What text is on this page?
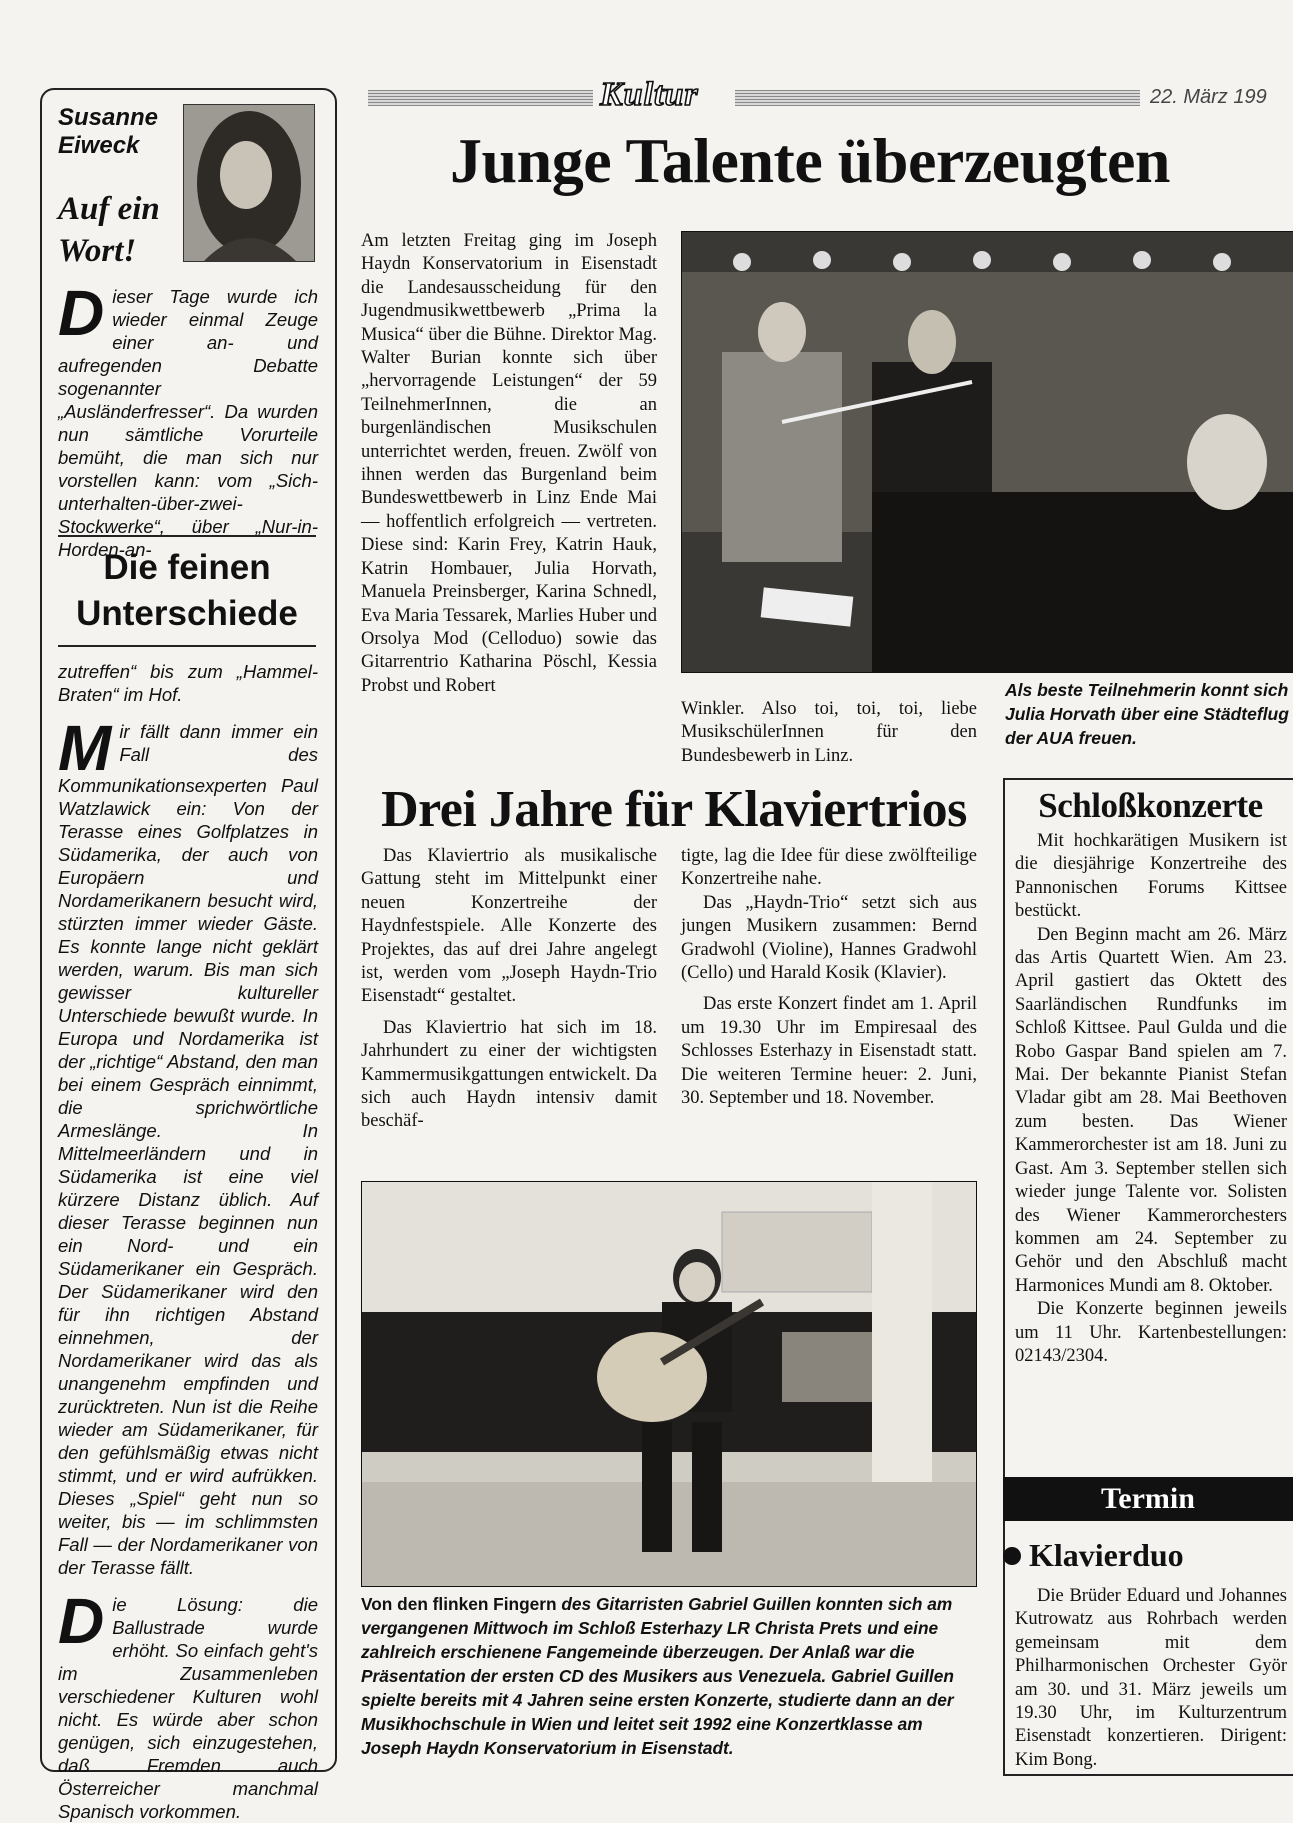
Susanne Eiweck
Auf ein Wort!
D ieser Tage wurde ich wieder einmal Zeuge einer an- und aufregenden Debatte sogenannter „Ausländerfresser“. Da wurden nun sämtliche Vorurteile bemüht, die man sich nur vorstellen kann: vom „Sich-unterhalten-über-zwei-Stockwerke“, über „Nur-in-Horden-an-
Die feinen Unterschiede

zutreffen“ bis zum „Hammel-Braten“ im Hof.

M ir fällt dann immer ein Fall des Kommunikationsexperten Paul Watzlawick ein: Von der Terasse eines Golfplatzes in Südamerika, der auch von Europäern und Nordamerikanern besucht wird, stürzten immer wieder Gäste. Es konnte lange nicht geklärt werden, warum. Bis man sich gewisser kultureller Unterschiede bewußt wurde. In Europa und Nordamerika ist der „richtige“ Abstand, den man bei einem Gespräch einnimmt, die sprichwörtliche Armeslänge. In Mittelmeerländern und in Südamerika ist eine viel kürzere Distanz üblich. Auf dieser Terasse beginnen nun ein Nord- und ein Südamerikaner ein Gespräch. Der Südamerikaner wird den für ihn richtigen Abstand einnehmen, der Nordamerikaner wird das als unangenehm empfinden und zurücktreten. Nun ist die Reihe wieder am Südamerikaner, für den gefühlsmäßig etwas nicht stimmt, und er wird aufrükken. Dieses „Spiel“ geht nun so weiter, bis — im schlimmsten Fall — der Nordamerikaner von der Terasse fällt.

D ie Lösung: die Ballustrade wurde erhöht. So einfach geht's im Zusammenleben verschiedener Kulturen wohl nicht. Es würde aber schon genügen, sich einzugestehen, daß Fremden auch Österreicher manchmal Spanisch vorkommen.

Kultur	22. März 199
Junge Talente überzeugten
Am letzten Freitag ging im Joseph Haydn Konservatorium in Eisenstadt die Landesausscheidung für den Jugendmusikwettbewerb „Prima la Musica“ über die Bühne. Direktor Mag. Walter Burian konnte sich über „hervorragende Leistungen“ der 59 TeilnehmerInnen, die an burgenländischen Musikschulen unterrichtet werden, freuen. Zwölf von ihnen werden das Burgenland beim Bundeswettbewerb in Linz Ende Mai — hoffentlich erfolgreich — vertreten. Diese sind: Karin Frey, Katrin Hauk, Katrin Hombauer, Julia Horvath, Manuela Preinsberger, Karina Schnedl, Eva Maria Tessarek, Marlies Huber und Orsolya Mod (Celloduo) sowie das Gitarrentrio Katharina Pöschl, Kessia Probst und Robert	Als beste Teilnehmerin konnt sich Julia Horvath über eine Städteflug der AUA freuen.
Winkler. Also toi, toi, toi, liebe MusikschülerInnen für den Bundesbewerb in Linz.
Drei Jahre für Klaviertrios

Das Klaviertrio als musikalische Gattung steht im Mittelpunkt einer neuen Konzertreihe der Haydnfestspiele. Alle Konzerte des Projektes, das auf drei Jahre angelegt ist, werden vom „Joseph Haydn-Trio Eisenstadt“ gestaltet.

Das Klaviertrio hat sich im 18. Jahrhundert zu einer der wichtigsten Kammermusikgattungen entwickelt. Da sich auch Haydn intensiv damit beschäf-

tigte, lag die Idee für diese zwölfteilige Konzertreihe nahe.

Das „Haydn-Trio“ setzt sich aus jungen Musikern zusammen: Bernd Gradwohl (Violine), Hannes Gradwohl (Cello) und Harald Kosik (Klavier).

Das erste Konzert findet am 1. April um 19.30 Uhr im Empiresaal des Schlosses Esterhazy in Eisenstadt statt. Die weiteren Termine heuer: 2. Juni, 30. September und 18. November.

Von den flinken Fingern des Gitarristen Gabriel Guillen konnten sich am vergangenen Mittwoch im Schloß Esterhazy LR Christa Prets und eine zahlreich erschienene Fangemeinde überzeugen. Der Anlaß war die Präsentation der ersten CD des Musikers aus Venezuela. Gabriel Guillen spielte bereits mit 4 Jahren seine ersten Konzerte, studierte dann an der Musikhochschule in Wien und leitet seit 1992 eine Konzertklasse am Joseph Haydn Konservatorium in Eisenstadt.
Schloßkonzerte

Mit hochkarätigen Musikern ist die diesjährige Konzertreihe des Pannonischen Forums Kittsee bestückt.

Den Beginn macht am 26. März das Artis Quartett Wien. Am 23. April gastiert das Oktett des Saarländischen Rundfunks im Schloß Kittsee. Paul Gulda und die Robo Gaspar Band spielen am 7. Mai. Der bekannte Pianist Stefan Vladar gibt am 28. Mai Beethoven zum besten. Das Wiener Kammerorchester ist am 18. Juni zu Gast. Am 3. September stellen sich wieder junge Talente vor. Solisten des Wiener Kammerorchesters kommen am 24. September zu Gehör und den Abschluß macht Harmonices Mundi am 8. Oktober.

Die Konzerte beginnen jeweils um 11 Uhr. Kartenbestellungen: 02143/2304.

Termin
Klavierduo
Die Brüder Eduard und Johannes Kutrowatz aus Rohrbach werden gemeinsam mit dem Philharmonischen Orchester Györ am 30. und 31. März jeweils um 19.30 Uhr, im Kulturzentrum Eisenstadt konzertieren. Dirigent: Kim Bong.
